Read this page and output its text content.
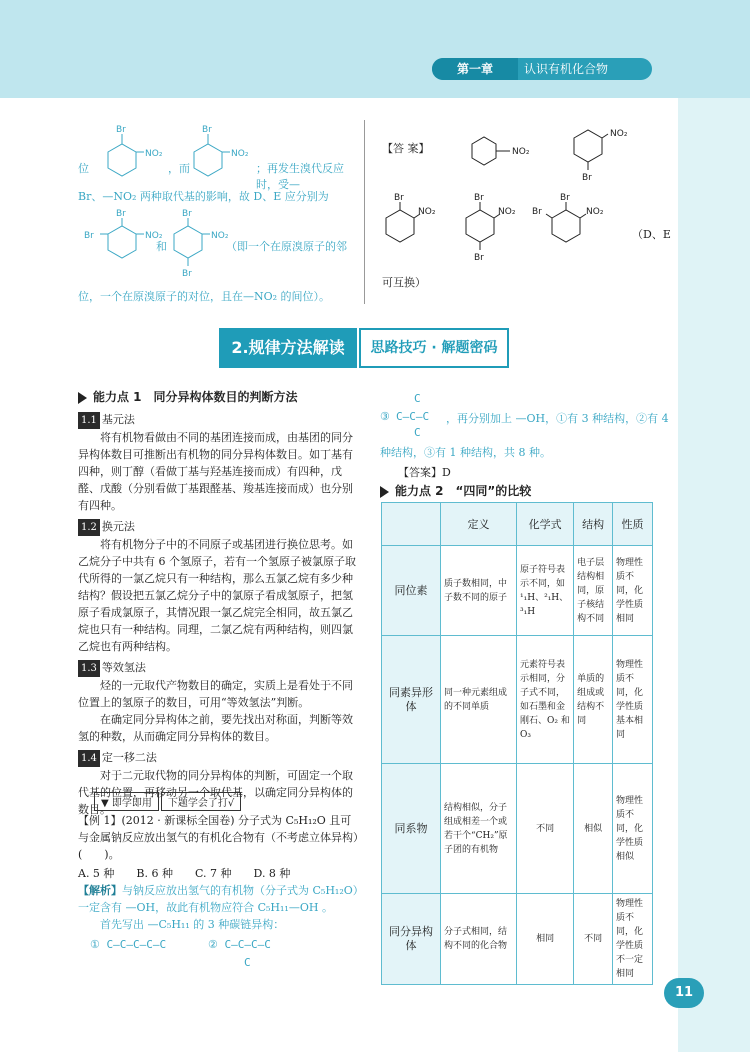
第一章	认识有机化合物
Br
NO₂
Br
NO₂
Br
Br	NO₂
Br
NO₂
Br
位	，而	；再发生溴代反应时，受—
Br、—NO₂ 两种取代基的影响，故 D、E 应分别为
和	（即一个在原溴原子的邻
位，一个在原溴原子的对位，且在—NO₂ 的间位）。
【答 案】	NO₂
NO₂
Br
Br
NO₂
Br
NO₂
Br
Br
Br	NO₂
（D、E
可互换）
2.规律方法解读	思路技巧 · 解题密码
能力点 1　同分异构体数目的判断方法
1.1 基元法
将有机物看做由不同的基团连接而成，由基团的同分异构体数目可推断出有机物的同分异构体数目。如丁基有四种，则丁醇（看做丁基与羟基连接而成）有四种，戊醛、戊酸（分别看做丁基跟醛基、羧基连接而成）也分别有四种。
1.2 换元法
将有机物分子中的不同原子或基团进行换位思考。如乙烷分子中共有 6 个氢原子，若有一个氢原子被氯原子取代所得的一氯乙烷只有一种结构，那么五氯乙烷有多少种结构？假设把五氯乙烷分子中的氯原子看成氢原子，把氢原子看成氯原子，其情况跟一氯乙烷完全相同，故五氯乙烷也只有一种结构。同理，二氯乙烷有两种结构，则四氯乙烷也有两种结构。
1.3 等效氢法
烃的一元取代产物数目的确定，实质上是看处于不同位置上的氢原子的数目，可用“等效氢法”判断。
在确定同分异构体之前，要先找出对称面，判断等效氢的种数，从而确定同分异构体的数目。
1.4 定一移二法
对于二元取代物的同分异构体的判断，可固定一个取代基的位置，再移动另一个取代基，以确定同分异构体的数目。
▼ 即学即用 下题学会了打√
【例 1】(2012 · 新课标全国卷) 分子式为 C₅H₁₂O 且可与金属钠反应放出氢气的有机化合物有（不考虑立体异构）(　　)。
A. 5 种　　B. 6 种　　C. 7 种　　D. 8 种
【解析】与钠反应放出氢气的有机物（分子式为 C₅H₁₂O）一定含有 —OH，故此有机物应符合 C₅H₁₁—OH 。
首先写出 —C₅H₁₁ 的 3 种碳链异构：
① C—C—C—C—C	② C—C—C—C
C
C
③ C—C—C ，再分别加上 —OH，①有 3 种结构，②有 4
C
种结构，③有 1 种结构，共 8 种。
【答案】D
能力点 2　“四同”的比较
	定义	化学式	结构	性质
同位素	质子数相同，中子数不同的原子	原子符号表示不同，如 ¹₁H、²₁H、³₁H	电子层结构相同，原子核结构不同	物理性质不同，化学性质相同
同素异形体	同一种元素组成的不同单质	元素符号表示相同，分子式不同，如石墨和金刚石、O₂ 和 O₃	单质的组成或结构不同	物理性质不同，化学性质基本相同
同系物	结构相似，分子组成相差一个或若干个“CH₂”原子团的有机物	不同	相似	物理性质不同，化学性质相似
同分异构体	分子式相同，结构不同的化合物	相同	不同	物理性质不同，化学性质不一定相同
11
